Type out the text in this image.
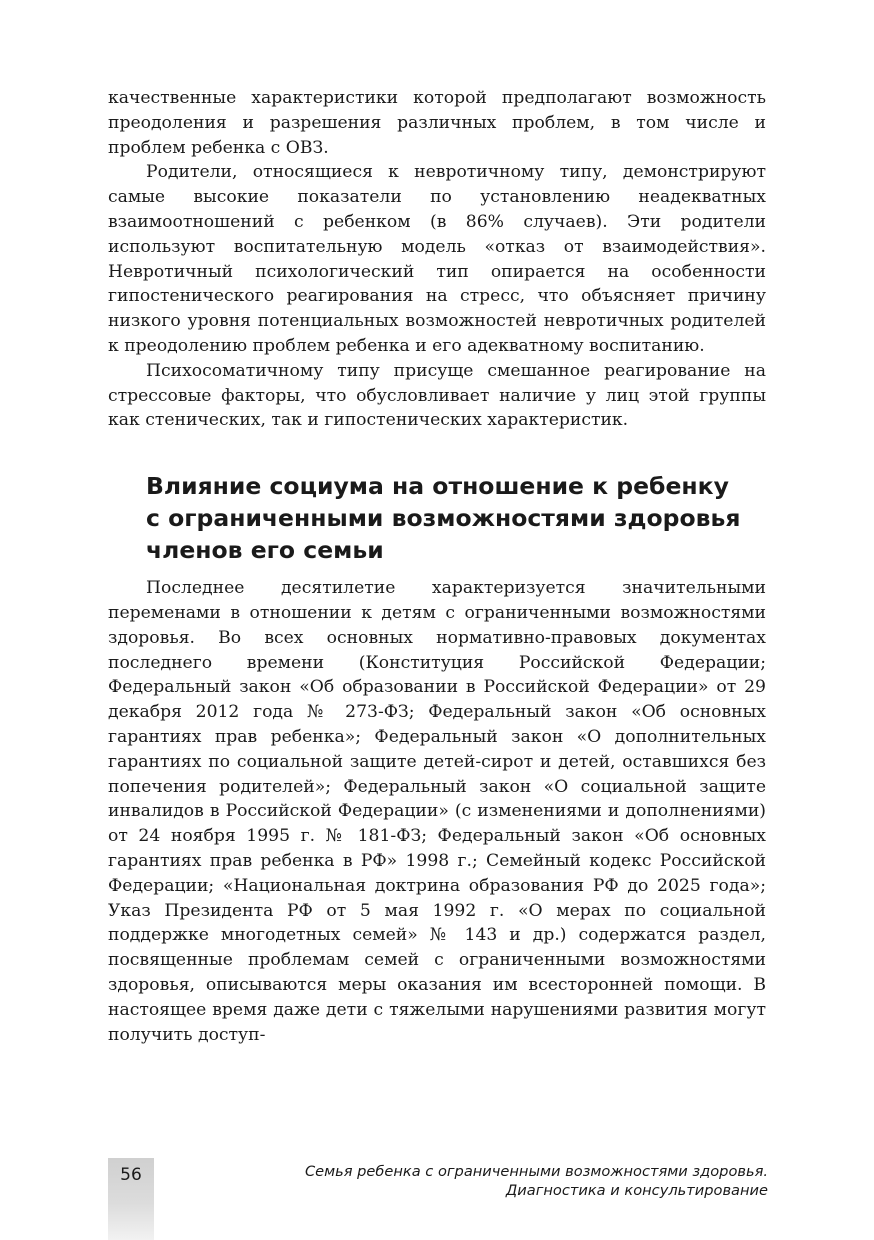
качественные характеристики которой предполагают возможность преодоления и разрешения различных проблем, в том числе и проблем ребенка с ОВЗ.

Родители, относящиеся к невротичному типу, демонстрируют самые высокие показатели по установлению неадекватных взаимоотношений с ребенком (в 86% случаев). Эти родители используют воспитательную модель «отказ от взаимодействия». Невротичный психологический тип опирается на особенности гипостенического реагирования на стресс, что объясняет причину низкого уровня потенциальных возможностей невротичных родителей к преодолению проблем ребенка и его адекватному воспитанию.

Психосоматичному типу присуще смешанное реагирование на стрессовые факторы, что обусловливает наличие у лиц этой группы как стенических, так и гипостенических характеристик.

Влияние социума на отношение к ребенку
с ограниченными возможностями здоровья
членов его семьи

Последнее десятилетие характеризуется значительными переменами в отношении к детям с ограниченными возможностями здоровья. Во всех основных нормативно-правовых документах последнего времени (Конституция Российской Федерации; Федеральный закон «Об образовании в Российской Федерации» от 29 декабря 2012 года № 273-ФЗ; Федеральный закон «Об основных гарантиях прав ребенка»; Федеральный закон «О дополнительных гарантиях по социальной защите детей-сирот и детей, оставшихся без попечения родителей»; Федеральный закон «О социальной защите инвалидов в Российской Федерации» (с изменениями и дополнениями) от 24 ноября 1995 г. № 181-ФЗ; Федеральный закон «Об основных гарантиях прав ребенка в РФ» 1998 г.; Семейный кодекс Российской Федерации; «Национальная доктрина образования РФ до 2025 года»; Указ Президента РФ от 5 мая 1992 г. «О мерах по социальной поддержке многодетных семей» № 143 и др.) содержатся раздел, посвященные проблемам семей с ограниченными возможностями здоровья, описываются меры оказания им всесторонней помощи. В настоящее время даже дети с тяжелыми нарушениями развития могут получить доступ-

56	Семья ребенка с ограниченными возможностями здоровья.
Диагностика и консультирование
